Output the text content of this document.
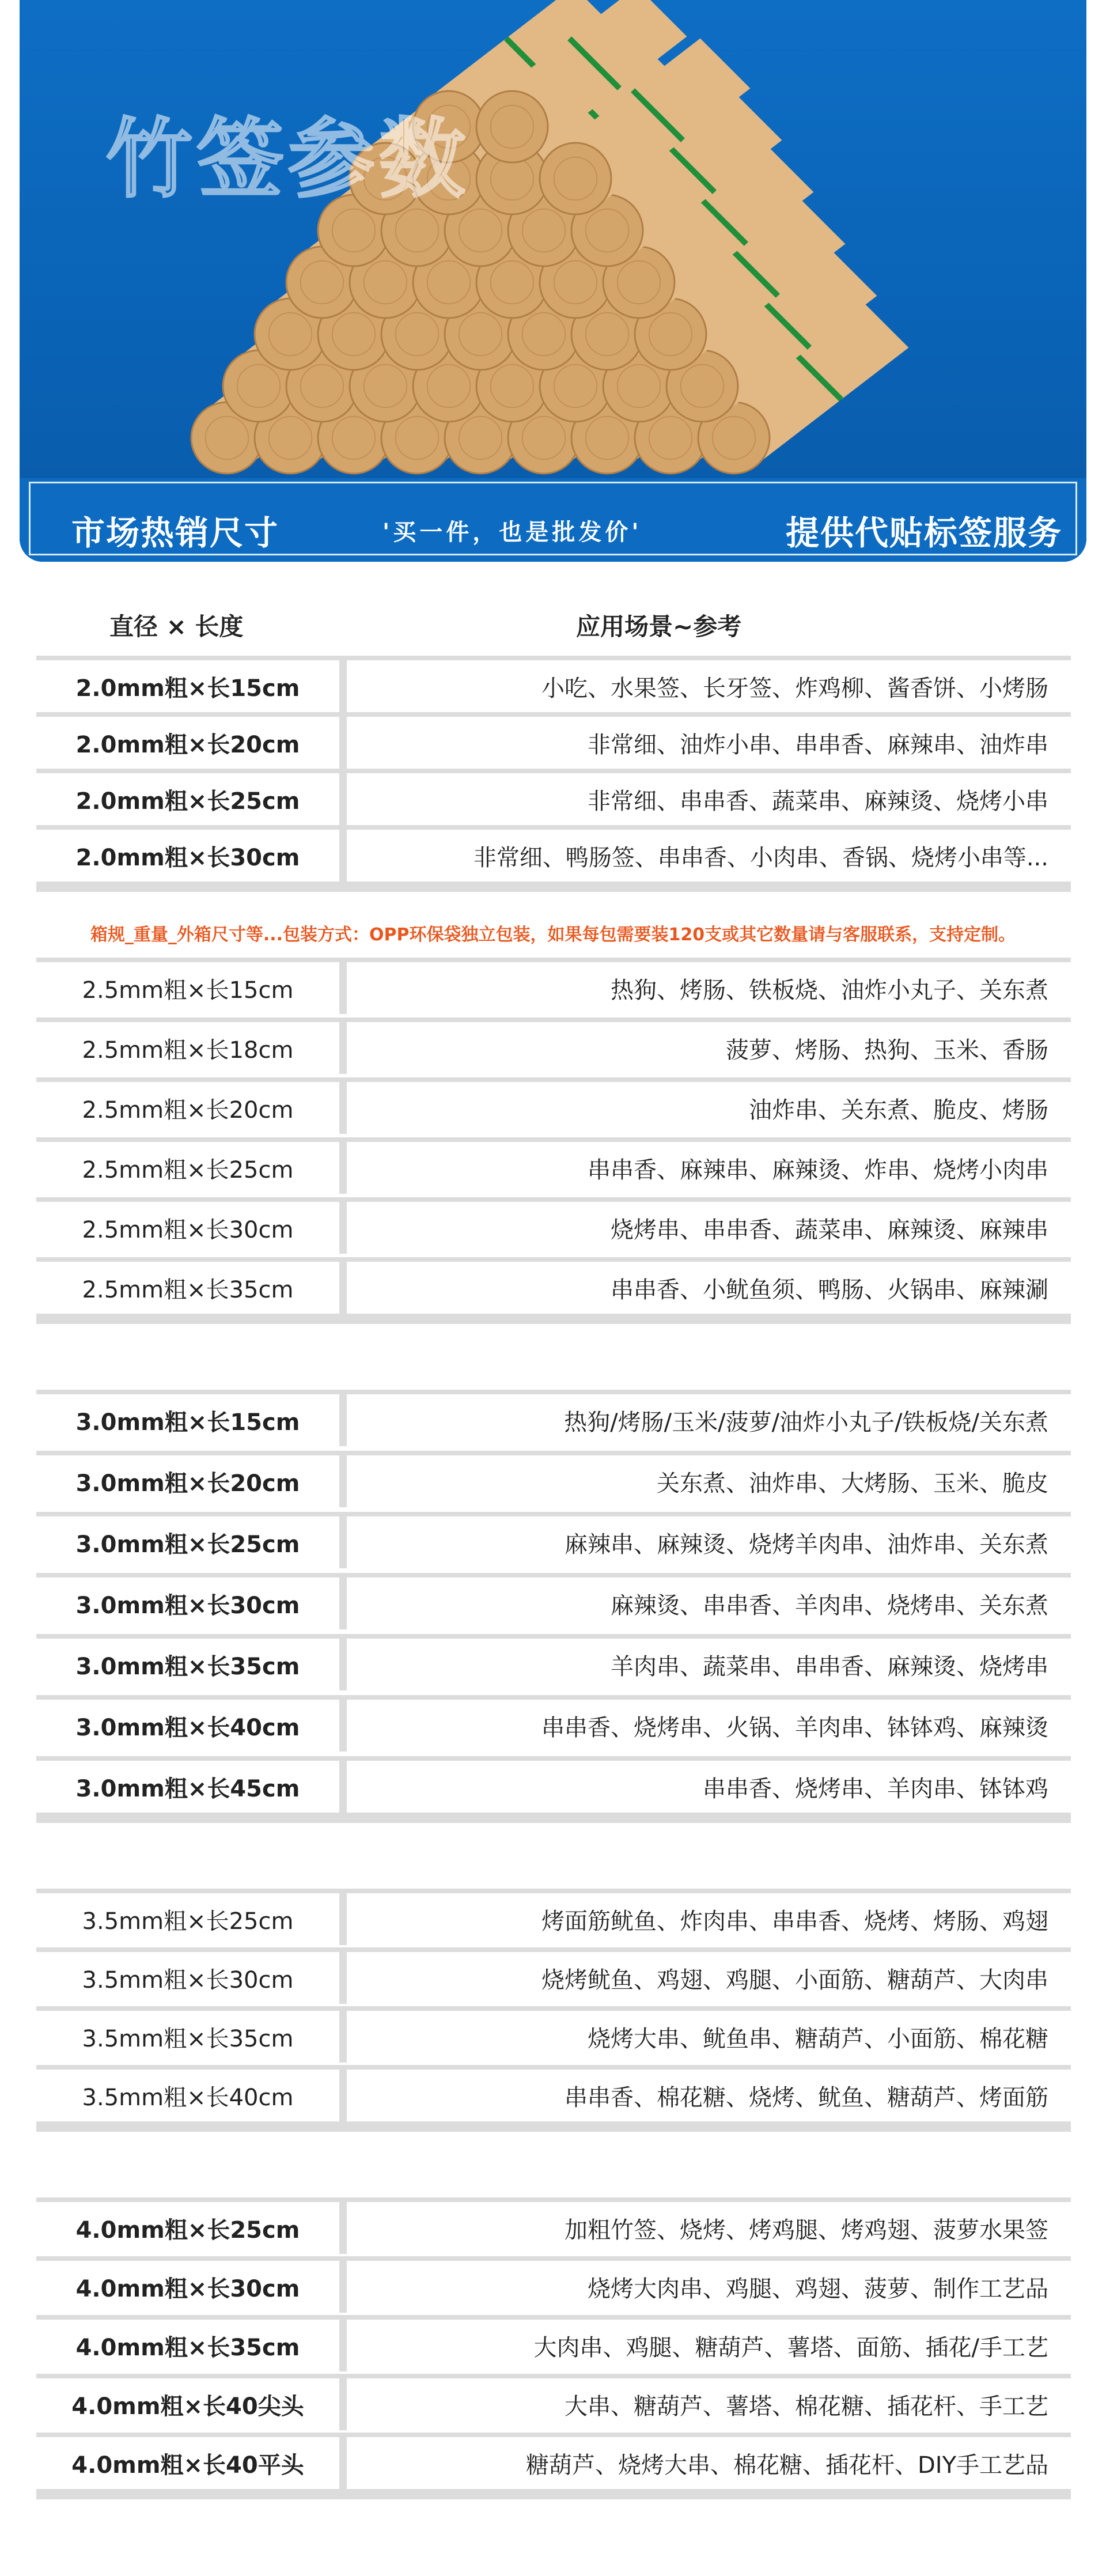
竹签参数
市场热销尺寸	'买一件，也是批发价'	提供代贴标签服务
直径 × 长度	应用场景~参考
2.0mm粗×长15cm	小吃、水果签、长牙签、炸鸡柳、酱香饼、小烤肠
2.0mm粗×长20cm	非常细、油炸小串、串串香、麻辣串、油炸串
2.0mm粗×长25cm	非常细、串串香、蔬菜串、麻辣烫、烧烤小串
2.0mm粗×长30cm	非常细、鸭肠签、串串香、小肉串、香锅、烧烤小串等...
箱规_重量_外箱尺寸等...包装方式：OPP环保袋独立包装，如果每包需要装120支或其它数量请与客服联系，支持定制。
2.5mm粗×长15cm	热狗、烤肠、铁板烧、油炸小丸子、关东煮
2.5mm粗×长18cm	菠萝、烤肠、热狗、玉米、香肠
2.5mm粗×长20cm	油炸串、关东煮、脆皮、烤肠
2.5mm粗×长25cm	串串香、麻辣串、麻辣烫、炸串、烧烤小肉串
2.5mm粗×长30cm	烧烤串、串串香、蔬菜串、麻辣烫、麻辣串
2.5mm粗×长35cm	串串香、小鱿鱼须、鸭肠、火锅串、麻辣涮
3.0mm粗×长15cm	热狗/烤肠/玉米/菠萝/油炸小丸子/铁板烧/关东煮
3.0mm粗×长20cm	关东煮、油炸串、大烤肠、玉米、脆皮
3.0mm粗×长25cm	麻辣串、麻辣烫、烧烤羊肉串、油炸串、关东煮
3.0mm粗×长30cm	麻辣烫、串串香、羊肉串、烧烤串、关东煮
3.0mm粗×长35cm	羊肉串、蔬菜串、串串香、麻辣烫、烧烤串
3.0mm粗×长40cm	串串香、烧烤串、火锅、羊肉串、钵钵鸡、麻辣烫
3.0mm粗×长45cm	串串香、烧烤串、羊肉串、钵钵鸡
3.5mm粗×长25cm	烤面筋鱿鱼、炸肉串、串串香、烧烤、烤肠、鸡翅
3.5mm粗×长30cm	烧烤鱿鱼、鸡翅、鸡腿、小面筋、糖葫芦、大肉串
3.5mm粗×长35cm	烧烤大串、鱿鱼串、糖葫芦、小面筋、棉花糖
3.5mm粗×长40cm	串串香、棉花糖、烧烤、鱿鱼、糖葫芦、烤面筋
4.0mm粗×长25cm	加粗竹签、烧烤、烤鸡腿、烤鸡翅、菠萝水果签
4.0mm粗×长30cm	烧烤大肉串、鸡腿、鸡翅、菠萝、制作工艺品
4.0mm粗×长35cm	大肉串、鸡腿、糖葫芦、薯塔、面筋、插花/手工艺
4.0mm粗×长40尖头	大串、糖葫芦、薯塔、棉花糖、插花杆、手工艺
4.0mm粗×长40平头	糖葫芦、烧烤大串、棉花糖、插花杆、DIY手工艺品
